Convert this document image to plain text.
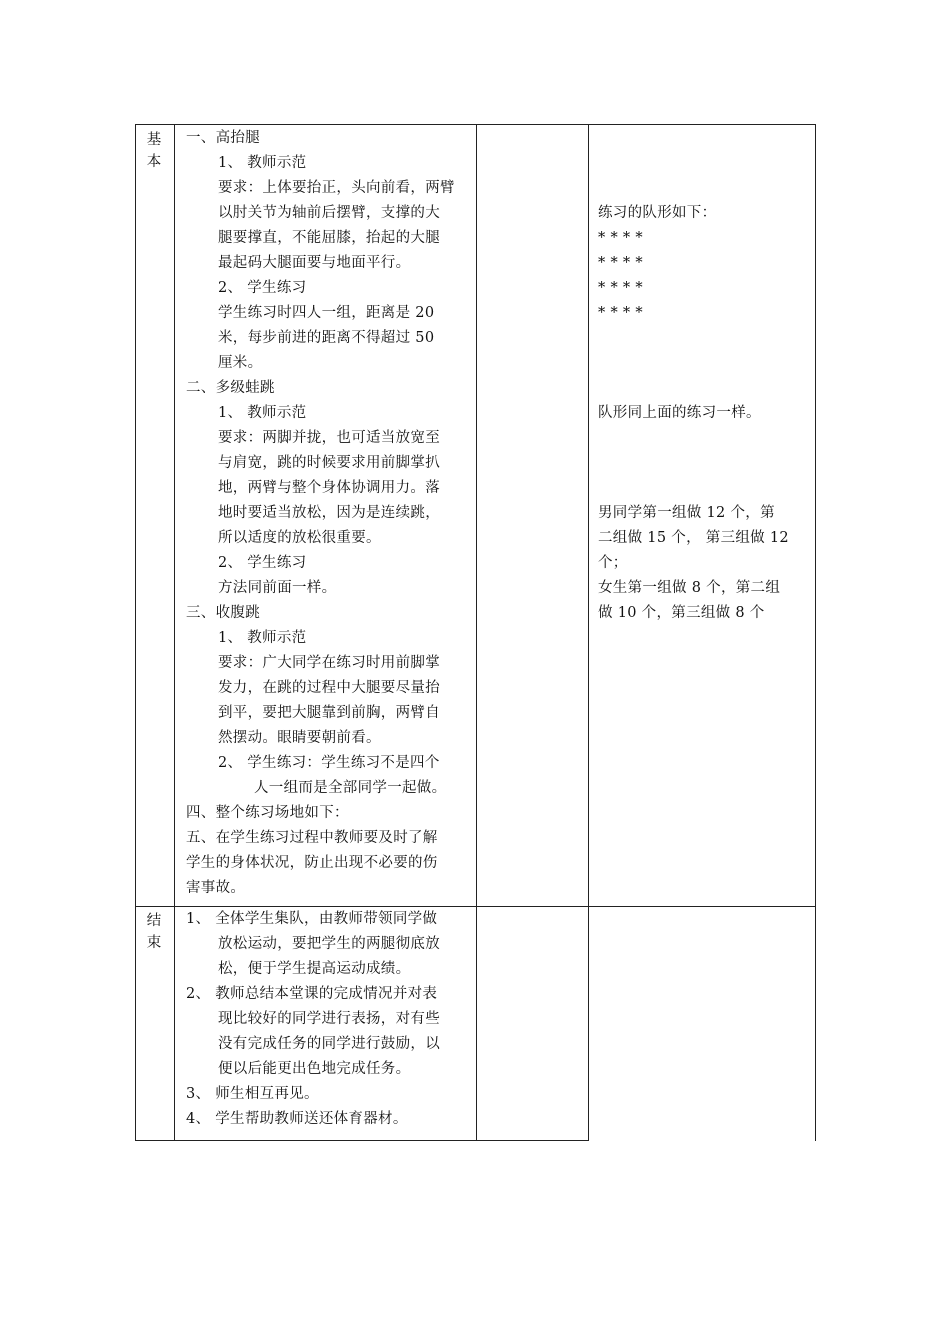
基
本
一、高抬腿
1、 教师示范
要求：上体要抬正，头向前看，两臂
以肘关节为轴前后摆臂，支撑的大
腿要撑直，不能屈膝，抬起的大腿
最起码大腿面要与地面平行。
2、 学生练习
学生练习时四人一组，距离是 20
米，每步前进的距离不得超过 50
厘米。
二、多级蛙跳
1、 教师示范
要求：两脚并拢，也可适当放宽至
与肩宽，跳的时候要求用前脚掌扒
地，两臂与整个身体协调用力。落
地时要适当放松，因为是连续跳，
所以适度的放松很重要。
2、 学生练习
方法同前面一样。
三、收腹跳
1、 教师示范
要求：广大同学在练习时用前脚掌
发力，在跳的过程中大腿要尽量抬
到平，要把大腿靠到前胸，两臂自
然摆动。眼睛要朝前看。
2、 学生练习：学生练习不是四个
人一组而是全部同学一起做。
四、整个练习场地如下：
五、在学生练习过程中教师要及时了解
学生的身体状况，防止出现不必要的伤
害事故。
练习的队形如下：
* * * *
* * * *
* * * *
* * * *
队形同上面的练习一样。
男同学第一组做 12 个，第
二组做 15 个， 第三组做 12
个；
女生第一组做 8 个，第二组
做 10 个，第三组做 8 个
结
束
1、 全体学生集队，由教师带领同学做
放松运动，要把学生的两腿彻底放
松，便于学生提高运动成绩。
2、 教师总结本堂课的完成情况并对表
现比较好的同学进行表扬，对有些
没有完成任务的同学进行鼓励，以
便以后能更出色地完成任务。
3、 师生相互再见。
4、 学生帮助教师送还体育器材。
